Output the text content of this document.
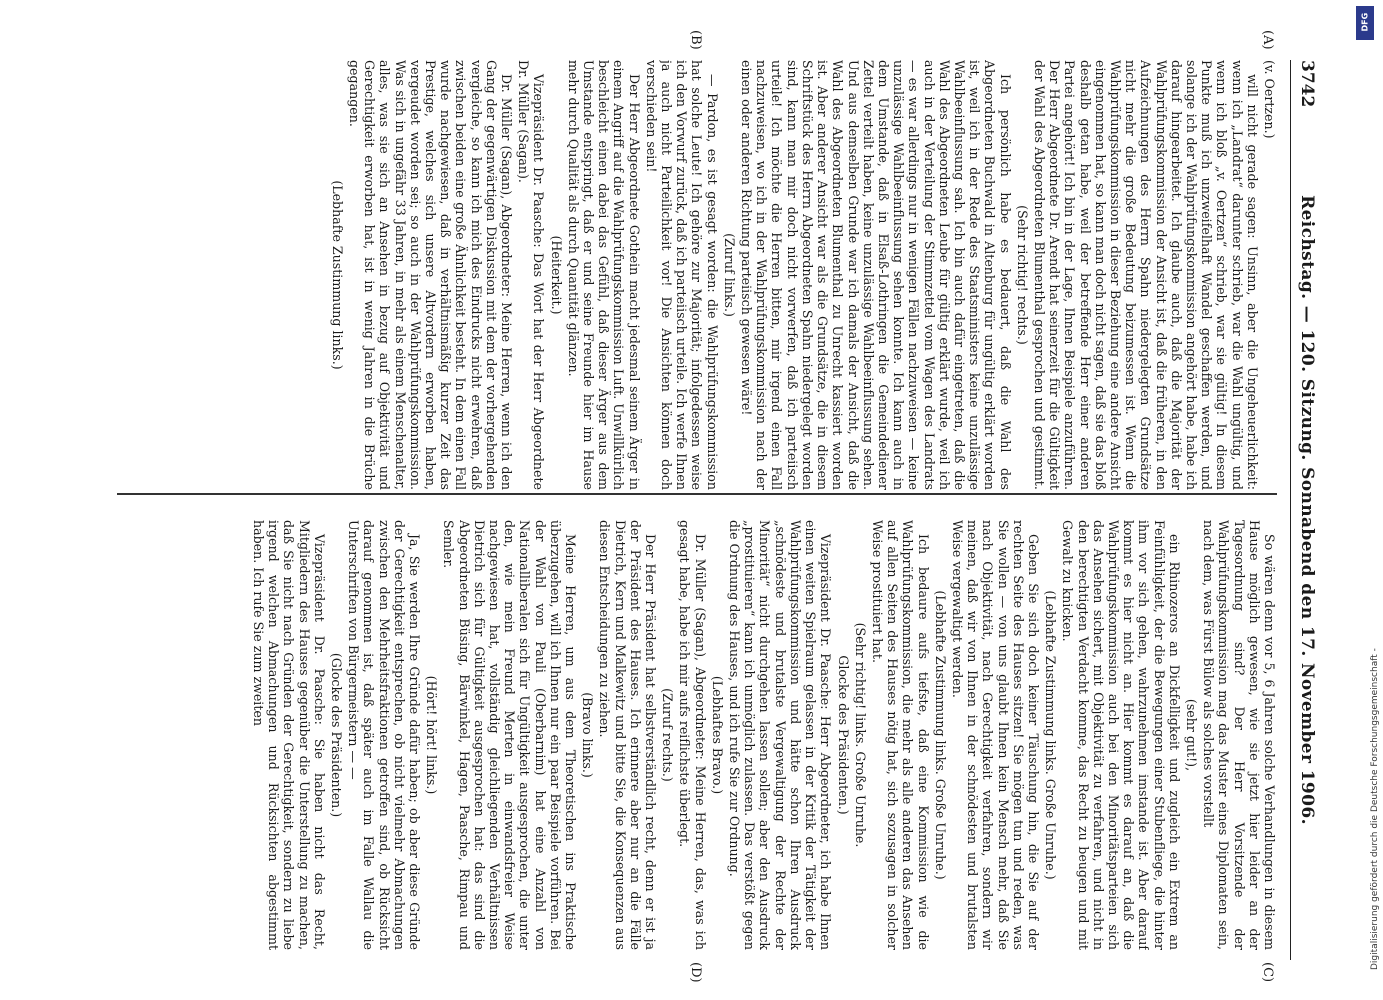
3742
Reichstag. — 120. Sitzung. Sonnabend den 17. November 1906.
(A)
(B)
(C)
(D)

(v. Oertzen.)

will nicht gerade sagen: Unsinn, aber die Ungeheuerlichkeit: wenn ich „Landrat“ darunter schrieb, war die Wahl ungültig, und wenn ich bloß „v. Oertzen“ schrieb, war sie gültig! In diesem Punkte muß ich unzweifelhaft Wandel geschaffen werden, und solange ich der Wahlprüfungskommission angehört habe, habe ich darauf hingearbeitet. Ich glaube auch, daß die Majorität der Wahlprüfungskommission der Ansicht ist, daß die früheren, in den Aufzeichnungen des Herrn Spahn niedergelegten Grundsätze nicht mehr die große Bedeutung beizumessen ist. Wenn die Wahlprüfungskommission in dieser Beziehung eine andere Ansicht eingenommen hat, so kann man doch nicht sagen, daß sie das bloß deshalb getan habe, weil der betreffende Herr einer anderen Partei angehört! Ich bin in der Lage, Ihnen Beispiele anzuführen. Der Herr Abgeordnete Dr. Arendt hat seinerzeit für die Gültigkeit der Wahl des Abgeordneten Blumenthal gesprochen und gestimmt.

(Sehr richtig! rechts.)

Ich persönlich habe es bedauert, daß die Wahl des Abgeordneten Buchwald in Altenburg für ungültig erklärt worden ist, weil ich in der Rede des Staatsministers keine unzulässige Wahlbeeinflussung sah. Ich bin auch dafür eingetreten, daß die Wahl des Abgeordneten Leube für gültig erklärt wurde, weil ich auch in der Verteilung der Stimmzettel vom Wagen des Landrats — es war allerdings nur in wenigen Fällen nachzuweisen — keine unzulässige Wahlbeeinflussung sehen konnte. Ich kann auch in dem Umstande, daß in Elsaß-Lothringen die Gemeindediener Zettel verteilt haben, keine unzulässige Wahlbeeinflussung sehen. Und aus demselben Grunde war ich damals der Ansicht, daß die Wahl des Abgeordneten Blumenthal zu Unrecht kassiert worden ist. Aber anderer Ansicht war als die Grundsätze, die in diesem Schriftstück des Herrn Abgeordneten Spahn niedergelegt worden sind, kann man mir doch nicht vorwerfen, daß ich parteiisch urteile! Ich möchte die Herren bitten, mir irgend einen Fall nachzuweisen, wo ich in der Wahlprüfungskommission nach der einen oder anderen Richtung parteiisch gewesen wäre!

(Zuruf links.)

— Pardon, es ist gesagt worden: die Wahlprüfungskommission hat solche Leute! Ich gehöre zur Majorität; infolgedessen weise ich den Vorwurf zurück, daß ich parteiisch urteile. Ich werfe Ihnen ja auch nicht Parteilichkeit vor! Die Ansichten können doch verschieden sein!

Der Herr Abgeordnete Gothein macht jedesmal seinem Ärger in einem Angriff auf die Wahlprüfungskommission Luft. Unwillkürlich beschleicht einen dabei das Gefühl, daß dieser Ärger aus dem Umstande entspringt, daß er und seine Freunde hier im Hause mehr durch Qualität als durch Quantität glänzen.

(Heiterkeit.)

Vizepräsident Dr. Paasche: Das Wort hat der Herr Abgeordnete Dr. Müller (Sagan).

Dr. Müller (Sagan), Abgeordneter: Meine Herren, wenn ich den Gang der gegenwärtigen Diskussion mit dem der vorhergehenden vergleiche, so kann ich mich des Eindrucks nicht erwehren, daß zwischen beiden eine große Ähnlichkeit besteht. In dem einen Fall wurde nachgewiesen, daß in verhältnismäßig kurzer Zeit das Prestige, welches sich unsere Altvordern erworben haben, vergeudet worden sei; so auch in der Wahlprüfungskommission. Was sich in ungefähr 33 Jahren, in mehr als einem Menschenalter, alles, was sie sich an Ansehen in bezug auf Objektivität und Gerechtigkeit erworben hat, ist in wenig Jahren in die Brüche gegangen.

(Lebhafte Zustimmung links.)

So wären denn vor 5, 6 Jahren solche Verhandlungen in diesem Hause möglich gewesen, wie sie jetzt hier leider an der Tagesordnung sind? Der Herr Vorsitzende der Wahlprüfungskommission mag das Muster eines Diplomaten sein, nach dem, was Fürst Bülow als solches vorstellt

(sehr gut!),

ein Rhinozeros an Dickfelligkeit und zugleich ein Extrem an Feinfühligkeit, der die Bewegungen einer Stubenfliege, die hinter ihm vor sich gehen, wahrzunehmen imstande ist. Aber darauf kommt es hier nicht an. Hier kommt es darauf an, daß die Wahlprüfungskommission auch bei den Minoritätsparteien sich das Ansehen sichert, mit Objektivität zu verfahren, und nicht in den berechtigten Verdacht komme, das Recht zu beugen und mit Gewalt zu knicken.

(Lebhafte Zustimmung links. Große Unruhe.)

Geben Sie sich doch keiner Täuschung hin, die Sie auf der rechten Seite des Hauses sitzen! Sie mögen tun und reden, was Sie wollen — von uns glaubt Ihnen kein Mensch mehr, daß Sie nach Objektivität, nach Gerechtigkeit verfahren, sondern wir meinen, daß wir von Ihnen in der schnödesten und brutalsten Weise vergewaltigt werden.

(Lebhafte Zustimmung links. Große Unruhe.)

Ich bedaure aufs tiefste, daß eine Kommission wie die Wahlprüfungskommission, die mehr als alle anderen das Ansehen auf allen Seiten des Hauses nötig hat, sich sozusagen in solcher Weise prostituiert hat.

(Sehr richtig! links. Große Unruhe.

Glocke des Präsidenten.)

Vizepräsident Dr. Paasche: Herr Abgeordneter, ich habe Ihnen einen weiten Spielraum gelassen in der Kritik der Tätigkeit der Wahlprüfungskommission und hätte schon Ihren Ausdruck „schnödeste und brutalste Vergewaltigung der Rechte der Minorität“ nicht durchgehen lassen sollen; aber den Ausdruck „prostituieren“ kann ich unmöglich zulassen. Das verstößt gegen die Ordnung des Hauses, und ich rufe Sie zur Ordnung.

(Lebhaftes Bravo.)

Dr. Müller (Sagan), Abgeordneter: Meine Herren, das, was ich gesagt habe, habe ich mir aufs reiflichste überlegt.

(Zuruf rechts.)

Der Herr Präsident hat selbstverständlich recht, denn er ist ja der Präsident des Hauses. Ich erinnere aber nur an die Fälle Dietrich, Kern und Malkewitz und bitte Sie, die Konsequenzen aus diesen Entscheidungen zu ziehen.

(Bravo links.)

Meine Herren, um aus dem Theoretischen ins Praktische überzugehen, will ich Ihnen nur ein paar Beispiele vorführen. Bei der Wahl von Pauli (Oberbarnim) hat eine Anzahl von Nationalliberalen sich für Ungültigkeit ausgesprochen, die unter den, wie mein Freund Merten in einwandsfreier Weise nachgewiesen hat, vollständig gleichliegenden Verhältnissen Dietrich sich für Gültigkeit ausgesprochen hat: das sind die Abgeordneten Büsing, Bärwinkel, Hagen, Paasche, Rimpau und Semler.

(Hört! hört! links.)

Ja, Sie werden Ihre Gründe dafür haben; ob aber diese Gründe der Gerechtigkeit entsprechen, ob nicht vielmehr Abmachungen zwischen den Mehrheitsfraktionen getroffen sind, ob Rücksicht darauf genommen ist, daß später auch im Falle Wallau die Unterschriften von Bürgermeistern — —

(Glocke des Präsidenten.)

Vizepräsident Dr. Paasche: Sie haben nicht das Recht, Mitgliedern des Hauses gegenüber die Unterstellung zu machen, daß Sie nicht nach Gründen der Gerechtigkeit, sondern zu liebe irgend welchen Abmachungen und Rücksichten abgestimmt haben. Ich rufe Sie zum zweiten

DFG
Digitalisierung gefördert durch die Deutsche Forschungsgemeinschaft -
